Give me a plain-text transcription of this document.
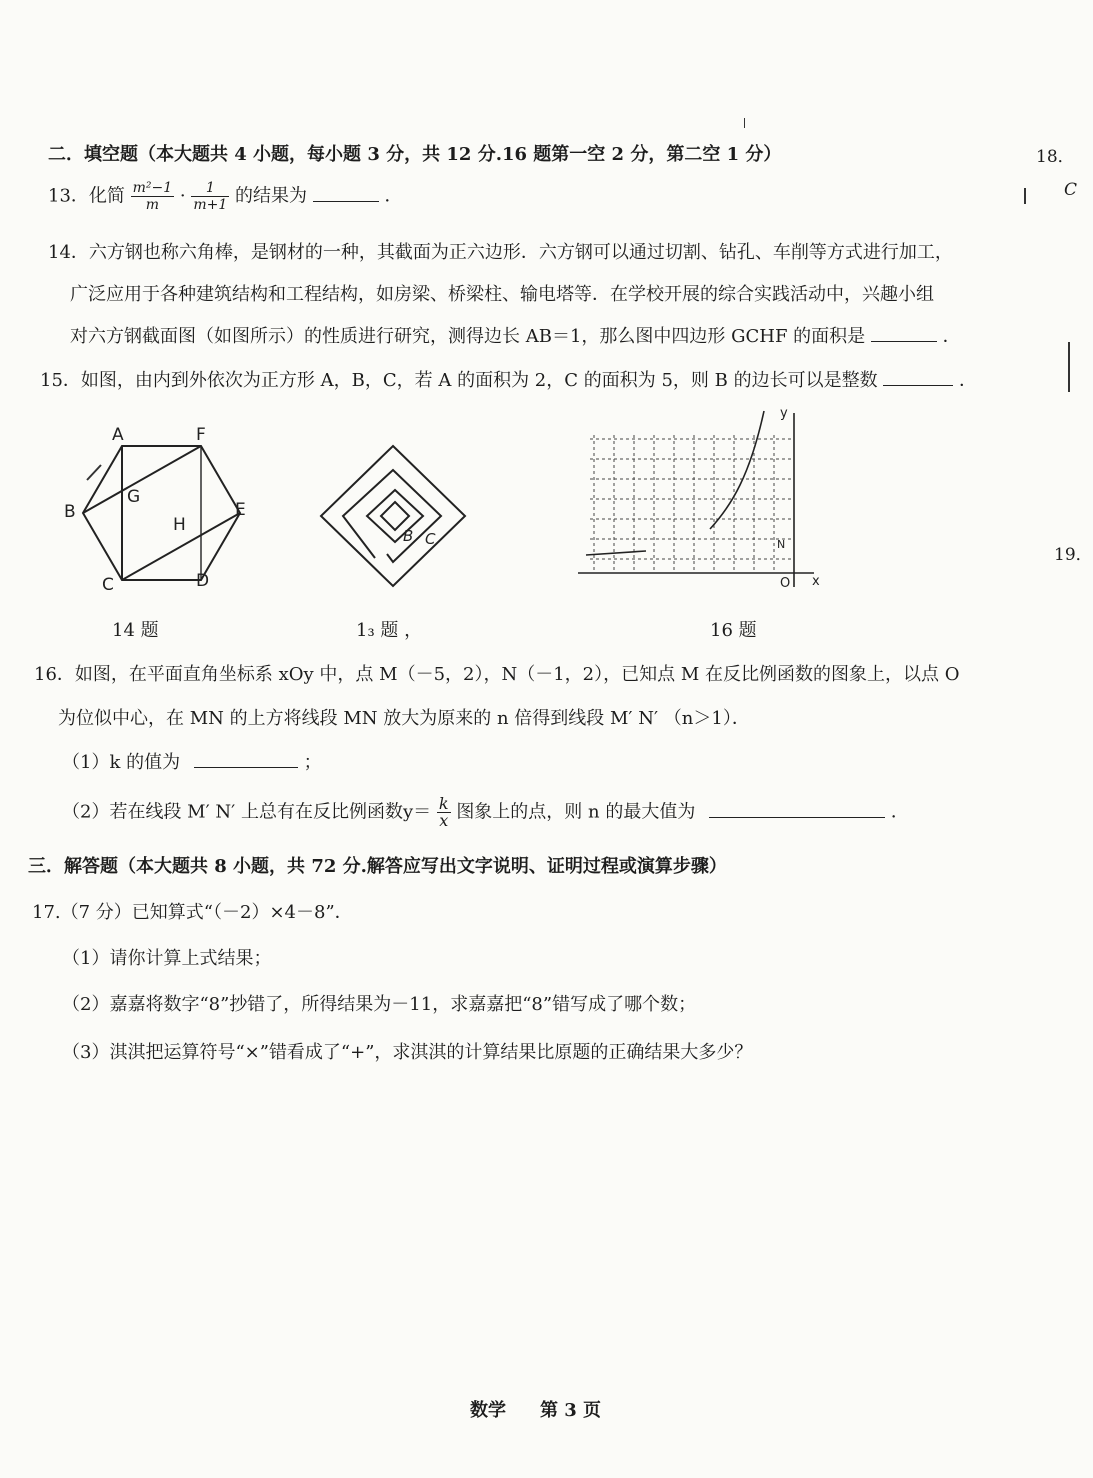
二．填空题（本大题共 4 小题，每小题 3 分，共 12 分.16 题第一空 2 分，第二空 1 分）
13．化简 $\frac{\text{m²−1}}{m} \cdot \frac{1}{m+1}$ 的结果为	．
14．六方钢也称六角棒，是钢材的一种，其截面为正六边形．六方钢可以通过切割、钻孔、车削等方式进行加工，
广泛应用于各种建筑结构和工程结构，如房梁、桥梁柱、输电塔等．在学校开展的综合实践活动中，兴趣小组
对六方钢截面图（如图所示）的性质进行研究，测得边长 AB＝1，那么图中四边形 GCHF 的面积是	．
15．如图，由内到外依次为正方形 A，B，C，若 A 的面积为 2，C 的面积为 5，则 B 的边长可以是整数	．
A	F
B
G
E
H
C	D
B C
y
x
O
N
14 题	1₃ 题 ，	16 题
16．如图，在平面直角坐标系 xOy 中，点 M（－5，2），N（－1，2），已知点 M 在反比例函数的图象上，以点 O
为位似中心，在 MN 的上方将线段 MN 放大为原来的 n 倍得到线段 M′ N′ （n＞1）．
（1）k 的值为	；
（2）若在线段 M′ N′ 上总有在反比例函数$y= \frac{k}{x}$ 图象上的点，则 n 的最大值为	．
三．解答题（本大题共 8 小题，共 72 分.解答应写出文字说明、证明过程或演算步骤）
17.（7 分）已知算式“（－2）×4－8”．
（1）请你计算上式结果；
（2）嘉嘉将数字“8”抄错了，所得结果为－11，求嘉嘉把“8”错写成了哪个数；
（3）淇淇把运算符号“×”错看成了“+”，求淇淇的计算结果比原题的正确结果大多少？
数学 第 3 页
18．
C
19．
